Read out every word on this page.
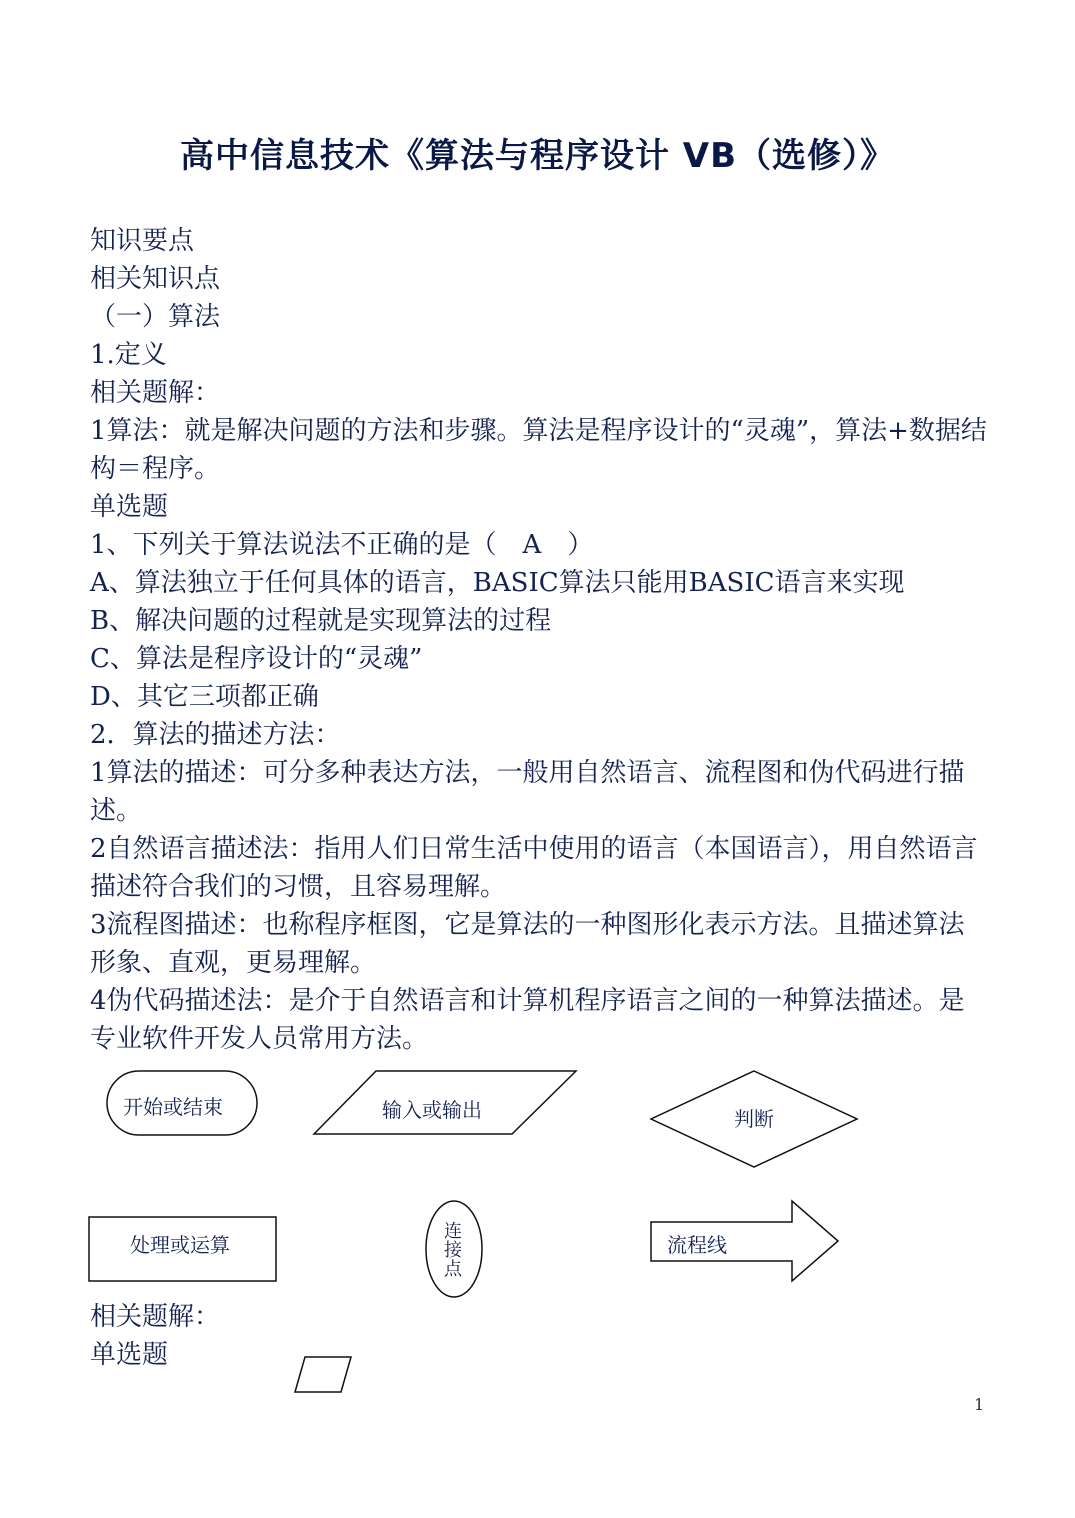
高中信息技术《算法与程序设计 VB（选修）》

知识要点

相关知识点

（一）算法

1.定义

相关题解：

1算法：就是解决问题的方法和步骤。算法是程序设计的“灵魂”，算法+数据结构＝程序。

单选题

1、下列关于算法说法不正确的是（　A　）

A、算法独立于任何具体的语言，BASIC算法只能用BASIC语言来实现

B、解决问题的过程就是实现算法的过程

C、算法是程序设计的“灵魂”

D、其它三项都正确

2．算法的描述方法：

1算法的描述：可分多种表达方法，一般用自然语言、流程图和伪代码进行描述。

2自然语言描述法：指用人们日常生活中使用的语言（本国语言），用自然语言描述符合我们的习惯，且容易理解。

3流程图描述：也称程序框图，它是算法的一种图形化表示方法。且描述算法形象、直观，更易理解。

4伪代码描述法：是介于自然语言和计算机程序语言之间的一种算法描述。是专业软件开发人员常用方法。

开始或结束	输入或输出	判断
处理或运算
连
接
点
流程线

相关题解：

单选题

1
